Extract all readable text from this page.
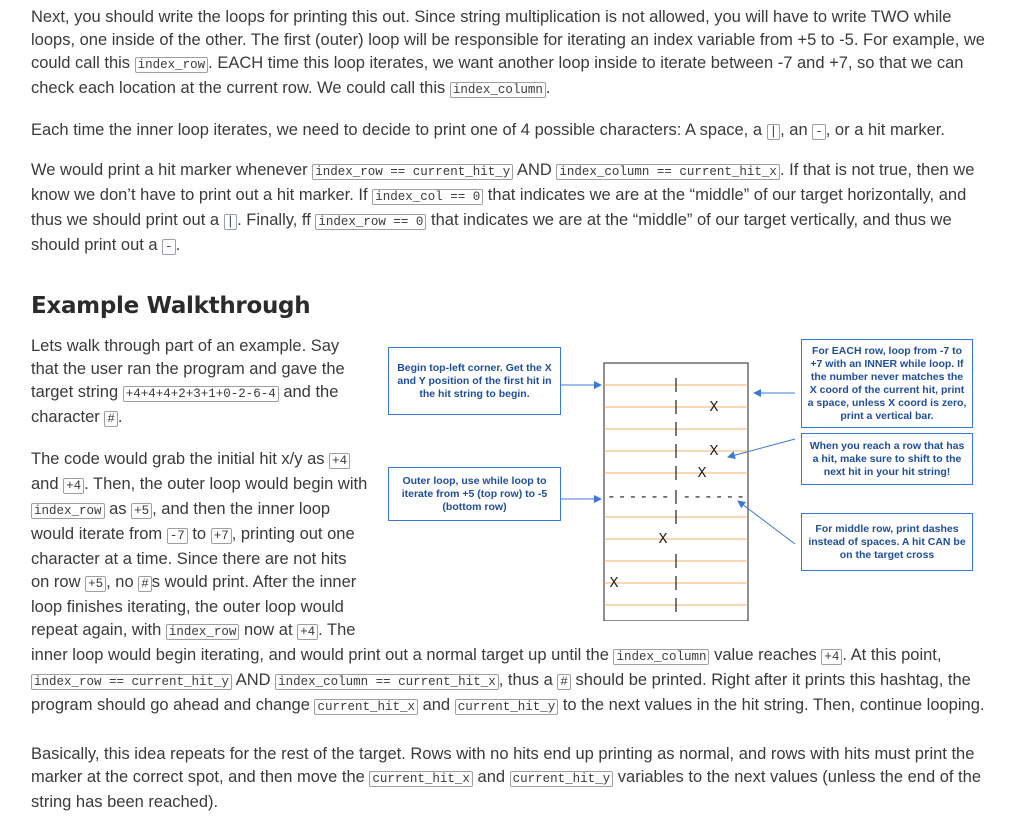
Next, you should write the loops for printing this out. Since string multiplication is not allowed, you will have to write TWO while loops, one inside of the other. The first (outer) loop will be responsible for iterating an index variable from +5 to -5. For example, we could call this index_row . EACH time this loop iterates, we want another loop inside to iterate between -7 and +7, so that we can check each location at the current row. We could call this index_column .

Each time the inner loop iterates, we need to decide to print one of 4 possible characters: A space, a | , an - , or a hit marker.

We would print a hit marker whenever index_row == current_hit_y AND index_column == current_hit_x . If that is not true, then we know we don’t have to print out a hit marker. If index_col == 0 that indicates we are at the “middle” of our target horizontally, and thus we should print out a | . Finally, ff index_row == 0 that indicates we are at the “middle” of our target vertically, and thus we should print out a - .

Example Walkthrough
|
| X
|
| X
| X
------|------
|
X
|
X	|
|
Begin top-left corner. Get the X and Y position of the first hit in the hit string to begin.
Outer loop, use while loop to iterate from +5 (top row) to -5 (bottom row)
For EACH row, loop from -7 to +7 with an INNER while loop. If the number never matches the X coord of the current hit, print a space, unless X coord is zero, print a vertical bar.
When you reach a row that has a hit, make sure to shift to the next hit in your hit string!
For middle row, print dashes instead of spaces. A hit CAN be on the target cross

Lets walk through part of an example. Say that the user ran the program and gave the target string +4+4+4+2+3+1+0-2-6-4 and the character # .

The code would grab the initial hit x/y as +4 and +4 . Then, the outer loop would begin with index_row as +5 , and then the inner loop would iterate from -7 to +7 , printing out one character at a time. Since there are not hits on row +5 , no # s would print. After the inner loop finishes iterating, the outer loop would repeat again, with index_row now at +4 . The inner loop would begin iterating, and would print out a normal target up until the index_column value reaches +4 . At this point, index_row == current_hit_y AND index_column == current_hit_x , thus a # should be printed. Right after it prints this hashtag, the program should go ahead and change current_hit_x and current_hit_y to the next values in the hit string. Then, continue looping.

Basically, this idea repeats for the rest of the target. Rows with no hits end up printing as normal, and rows with hits must print the marker at the correct spot, and then move the current_hit_x and current_hit_y variables to the next values (unless the end of the string has been reached).
